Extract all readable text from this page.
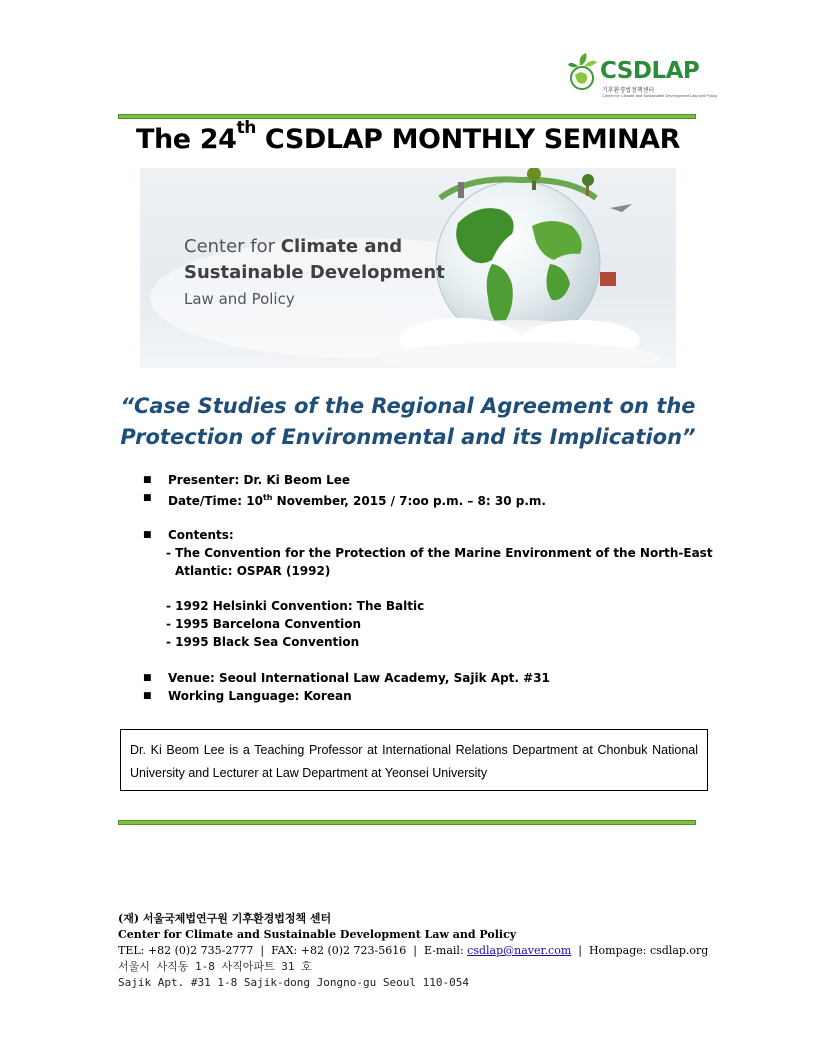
CSDLAP
기후환경법정책센터
Center for Climate and Sustainable Development Law and Policy
The 24th CSDLAP MONTHLY SEMINAR
Center for Climate and
Sustainable Development
Law and Policy
“Case Studies of the Regional Agreement on the
Protection of Environmental and its Implication”
■ Presenter: Dr. Ki Beom Lee
■ Date/Time: 10th November, 2015 / 7:oo p.m. – 8: 30 p.m.
■ Contents:
- The Convention for the Protection of the Marine Environment of the North-East
Atlantic: OSPAR (1992)
- 1992 Helsinki Convention: The Baltic
- 1995 Barcelona Convention
- 1995 Black Sea Convention
■ Venue: Seoul International Law Academy, Sajik Apt. #31
■ Working Language: Korean
Dr. Ki Beom Lee is a Teaching Professor at International Relations Department at Chonbuk National University and Lecturer at Law Department at Yeonsei University
(재) 서울국제법연구원 기후환경법정책 센터
Center for Climate and Sustainable Development Law and Policy
TEL: +82 (0)2 735-2777 | FAX: +82 (0)2 723-5616 | E-mail: csdlap@naver.com | Hompage: csdlap.org
서울시 사직동 1-8 사직아파트 31 호
Sajik Apt. #31 1-8 Sajik-dong Jongno-gu Seoul 110-054
